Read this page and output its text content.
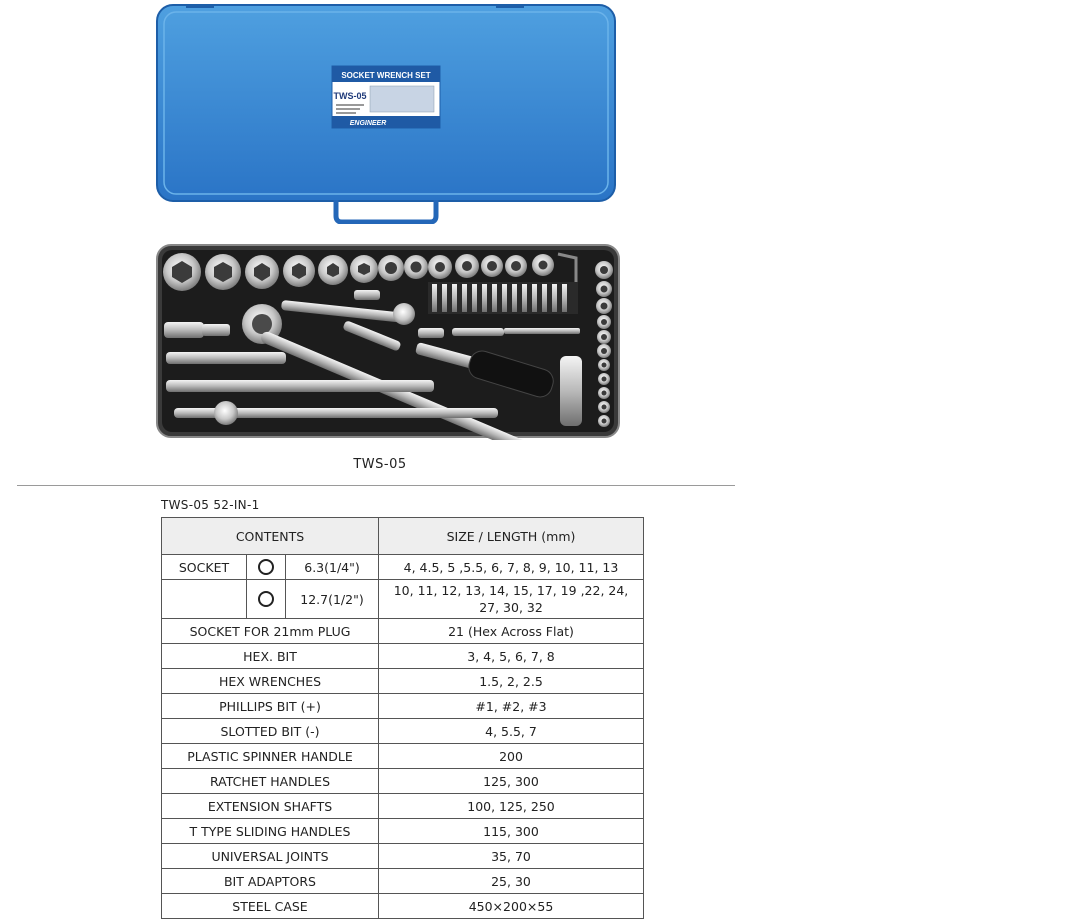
SOCKET WRENCH SET
TWS-05
ENGINEER
TWS-05
TWS-05 52-IN-1
CONTENTS			SIZE / LENGTH (mm)
SOCKET		6.3(1/4")	4, 4.5, 5 ,5.5, 6, 7, 8, 9, 10, 11, 13
		12.7(1/2")	10, 11, 12, 13, 14, 15, 17, 19 ,22, 24, 27, 30, 32
SOCKET FOR 21mm PLUG			21 (Hex Across Flat)
HEX. BIT			3, 4, 5, 6, 7, 8
HEX WRENCHES			1.5, 2, 2.5
PHILLIPS BIT (+)			#1, #2, #3
SLOTTED BIT (-)			4, 5.5, 7
PLASTIC SPINNER HANDLE			200
RATCHET HANDLES			125, 300
EXTENSION SHAFTS			100, 125, 250
T TYPE SLIDING HANDLES			115, 300
UNIVERSAL JOINTS			35, 70
BIT ADAPTORS			25, 30
STEEL CASE			450×200×55
